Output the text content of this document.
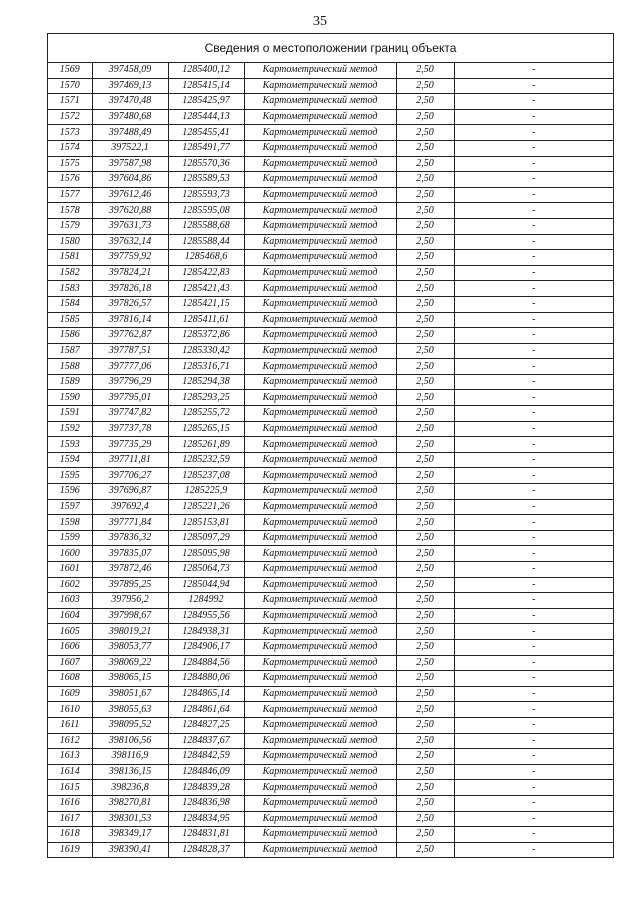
35
Сведения о местоположении границ объекта
1569	397458,09	1285400,12	Картометрический метод	2,50	-
1570	397469,13	1285415,14	Картометрический метод	2,50	-
1571	397470,48	1285425,97	Картометрический метод	2,50	-
1572	397480,68	1285444,13	Картометрический метод	2,50	-
1573	397488,49	1285455,41	Картометрический метод	2,50	-
1574	397522,1	1285491,77	Картометрический метод	2,50	-
1575	397587,98	1285570,36	Картометрический метод	2,50	-
1576	397604,86	1285589,53	Картометрический метод	2,50	-
1577	397612,46	1285593,73	Картометрический метод	2,50	-
1578	397620,88	1285595,08	Картометрический метод	2,50	-
1579	397631,73	1285588,68	Картометрический метод	2,50	-
1580	397632,14	1285588,44	Картометрический метод	2,50	-
1581	397759,92	1285468,6	Картометрический метод	2,50	-
1582	397824,21	1285422,83	Картометрический метод	2,50	-
1583	397826,18	1285421,43	Картометрический метод	2,50	-
1584	397826,57	1285421,15	Картометрический метод	2,50	-
1585	397816,14	1285411,61	Картометрический метод	2,50	-
1586	397762,87	1285372,86	Картометрический метод	2,50	-
1587	397787,51	1285330,42	Картометрический метод	2,50	-
1588	397777,06	1285316,71	Картометрический метод	2,50	-
1589	397796,29	1285294,38	Картометрический метод	2,50	-
1590	397795,01	1285293,25	Картометрический метод	2,50	-
1591	397747,82	1285255,72	Картометрический метод	2,50	-
1592	397737,78	1285265,15	Картометрический метод	2,50	-
1593	397735,29	1285261,89	Картометрический метод	2,50	-
1594	397711,81	1285232,59	Картометрический метод	2,50	-
1595	397706,27	1285237,08	Картометрический метод	2,50	-
1596	397696,87	1285225,9	Картометрический метод	2,50	-
1597	397692,4	1285221,26	Картометрический метод	2,50	-
1598	397771,84	1285153,81	Картометрический метод	2,50	-
1599	397836,32	1285097,29	Картометрический метод	2,50	-
1600	397835,07	1285095,98	Картометрический метод	2,50	-
1601	397872,46	1285064,73	Картометрический метод	2,50	-
1602	397895,25	1285044,94	Картометрический метод	2,50	-
1603	397956,2	1284992	Картометрический метод	2,50	-
1604	397998,67	1284955,56	Картометрический метод	2,50	-
1605	398019,21	1284938,31	Картометрический метод	2,50	-
1606	398053,77	1284906,17	Картометрический метод	2,50	-
1607	398069,22	1284884,56	Картометрический метод	2,50	-
1608	398065,15	1284880,06	Картометрический метод	2,50	-
1609	398051,67	1284865,14	Картометрический метод	2,50	-
1610	398055,63	1284861,64	Картометрический метод	2,50	-
1611	398095,52	1284827,25	Картометрический метод	2,50	-
1612	398106,56	1284837,67	Картометрический метод	2,50	-
1613	398116,9	1284842,59	Картометрический метод	2,50	-
1614	398136,15	1284846,09	Картометрический метод	2,50	-
1615	398236,8	1284839,28	Картометрический метод	2,50	-
1616	398270,81	1284836,98	Картометрический метод	2,50	-
1617	398301,53	1284834,95	Картометрический метод	2,50	-
1618	398349,17	1284831,81	Картометрический метод	2,50	-
1619	398390,41	1284828,37	Картометрический метод	2,50	-
